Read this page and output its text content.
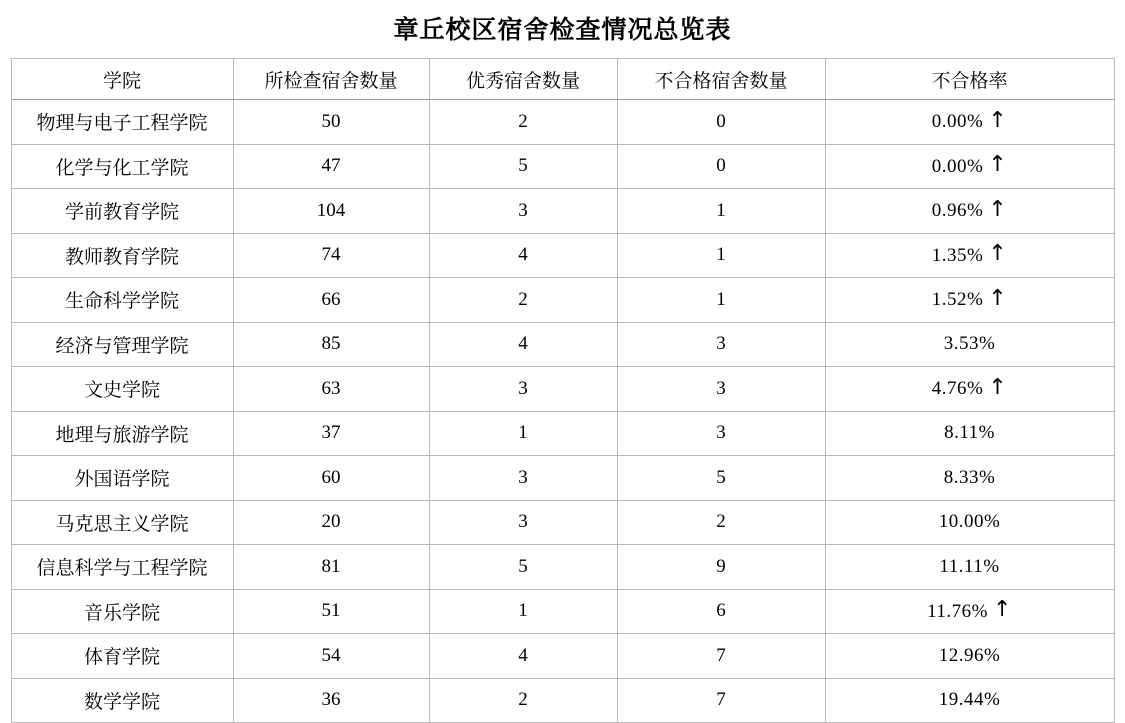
章丘校区宿舍检查情况总览表
学院	所检查宿舍数量	优秀宿舍数量	不合格宿舍数量	不合格率
物理与电子工程学院	50	2	0	0.00% ↑

化学与化工学院	47	5	0	0.00% ↑

学前教育学院	104	3	1	0.96% ↑

教师教育学院	74	4	1	1.35% ↑

生命科学学院	66	2	1	1.52% ↑

经济与管理学院	85	4	3	3.53%

文史学院	63	3	3	4.76% ↑

地理与旅游学院	37	1	3	8.11%

外国语学院	60	3	5	8.33%

马克思主义学院	20	3	2	10.00%

信息科学与工程学院	81	5	9	11.11%

音乐学院	51	1	6	11.76% ↑

体育学院	54	4	7	12.96%

数学学院	36	2	7	19.44%
